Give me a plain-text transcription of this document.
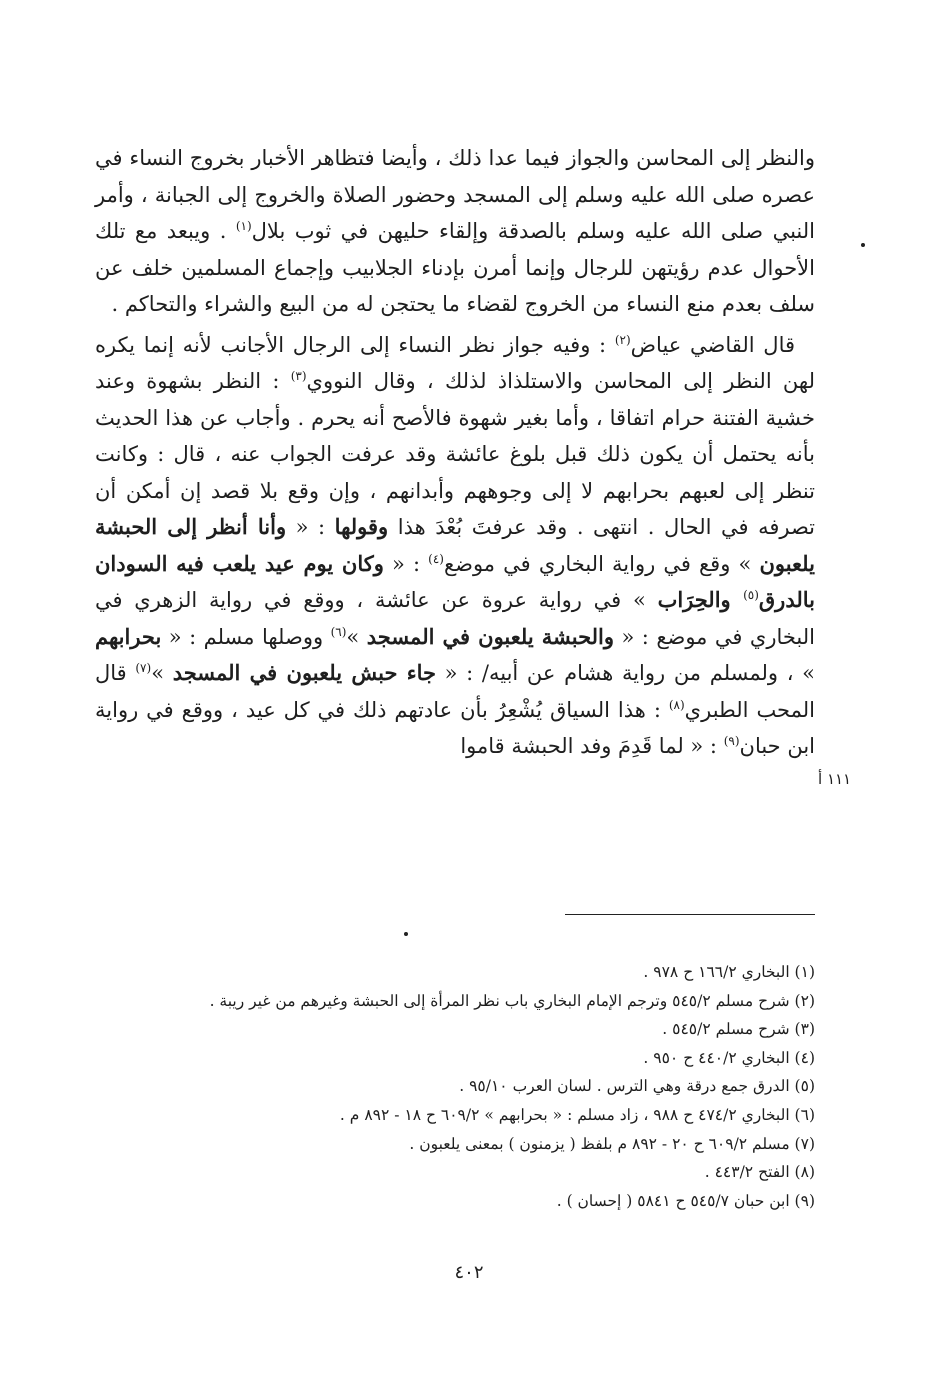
والنظر إلى المحاسن والجواز فيما عدا ذلك ، وأيضا فتظاهر الأخبار بخروج النساء في عصره صلى الله عليه وسلم إلى المسجد وحضور الصلاة والخروج إلى الجبانة ، وأمر النبي صلى الله عليه وسلم بالصدقة وإلقاء حليهن في ثوب بلال$^{(١)}$ . ويبعد مع تلك الأحوال عدم رؤيتهن للرجال وإنما أمرن بإدناء الجلابيب وإجماع المسلمين خلف عن سلف بعدم منع النساء من الخروج لقضاء ما يحتجن له من البيع والشراء والتحاكم .

قال القاضي عياض$^{(٢)}$ : وفيه جواز نظر النساء إلى الرجال الأجانب لأنه إنما يكره لهن النظر إلى المحاسن والاستلذاذ لذلك ، وقال النووي$^{(٣)}$ : النظر بشهوة وعند خشية الفتنة حرام اتفاقا ، وأما بغير شهوة فالأصح أنه يحرم . وأجاب عن هذا الحديث بأنه يحتمل أن يكون ذلك قبل بلوغ عائشة وقد عرفت الجواب عنه ، قال : وكانت تنظر إلى لعبهم بحرابهم لا إلى وجوههم وأبدانهم ، وإن وقع بلا قصد إن أمكن أن تصرفه في الحال . انتهى . وقد عرفتَ بُعْدَ هذا وقولها : « وأنا أنظر إلى الحبشة يلعبون » وقع في رواية البخاري في موضع$^{(٤)}$ : « وكان يوم عيد يلعب فيه السودان بالدرق$^{(٥)}$ والحِرَاب » في رواية عروة عن عائشة ، ووقع في رواية الزهري في البخاري في موضع : « والحبشة يلعبون في المسجد »$^{(٦)}$ ووصلها مسلم : « بحرابهم » ، ولمسلم من رواية هشام عن أبيه/ : « جاء حبش يلعبون في المسجد »$^{(٧)}$ قال المحب الطبري$^{(٨)}$ : هذا السياق يُشْعِرُ بأن عادتهم ذلك في كل عيد ، ووقع في رواية ابن حبان$^{(٩)}$ : « لما قَدِمَ وفد الحبشة قاموا

١١١ أ
(١) البخاري ١٦٦/٢ ح ٩٧٨ .
(٢) شرح مسلم ٥٤٥/٢ وترجم الإمام البخاري باب نظر المرأة إلى الحبشة وغيرهم من غير ريبة .
(٣) شرح مسلم ٥٤٥/٢ .
(٤) البخاري ٤٤٠/٢ ح ٩٥٠ .
(٥) الدرق جمع درقة وهي الترس . لسان العرب ٩٥/١٠ .
(٦) البخاري ٤٧٤/٢ ح ٩٨٨ ، زاد مسلم : « بحرابهم » ٦٠٩/٢ ح ١٨ - ٨٩٢ م .
(٧) مسلم ٦٠٩/٢ ح ٢٠ - ٨٩٢ م بلفظ ( يزمنون ) بمعنى يلعبون .
(٨) الفتح ٤٤٣/٢ .
(٩) ابن حبان ٥٤٥/٧ ح ٥٨٤١ ( إحسان ) .
٤٠٢
